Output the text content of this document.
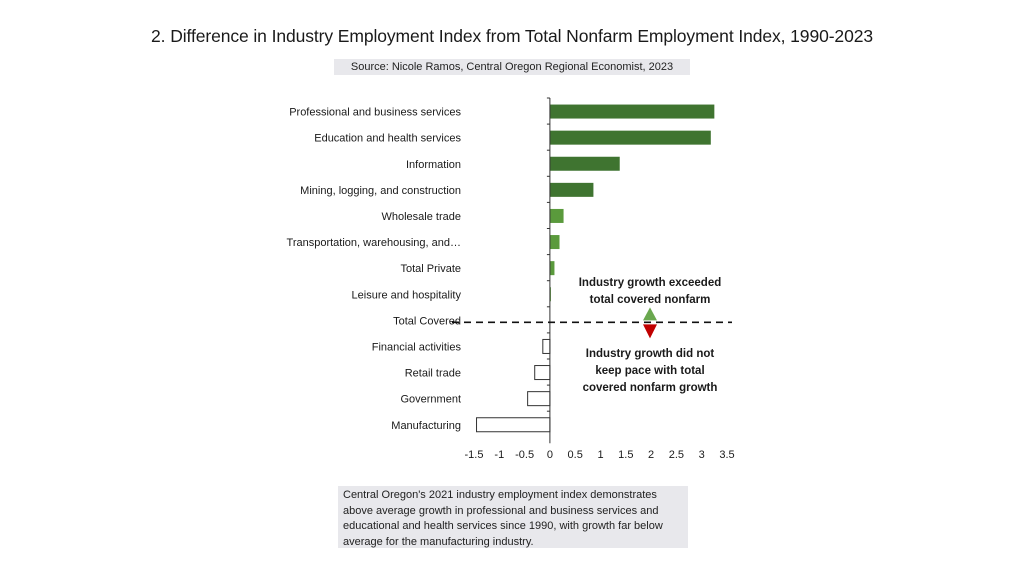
2. Difference in Industry Employment Index from Total Nonfarm Employment Index, 1990-2023
Source: Nicole Ramos, Central Oregon Regional Economist, 2023
Professional and business services
Education and health services
Information
Mining, logging, and construction
Wholesale trade
Transportation, warehousing, and…
Total Private
Leisure and hospitality
Total Covered
Financial activities
Retail trade
Government
Manufacturing
-1.5 -1 -0.5 0 0.5 1 1.5 2 2.5 3 3.5
Industry growth exceeded
total covered nonfarm
Industry growth did not
keep pace with total
covered nonfarm growth
Central Oregon's 2021 industry employment index demonstrates above average growth in professional and business services and educational and health services since 1990, with growth far below average for the manufacturing industry.
